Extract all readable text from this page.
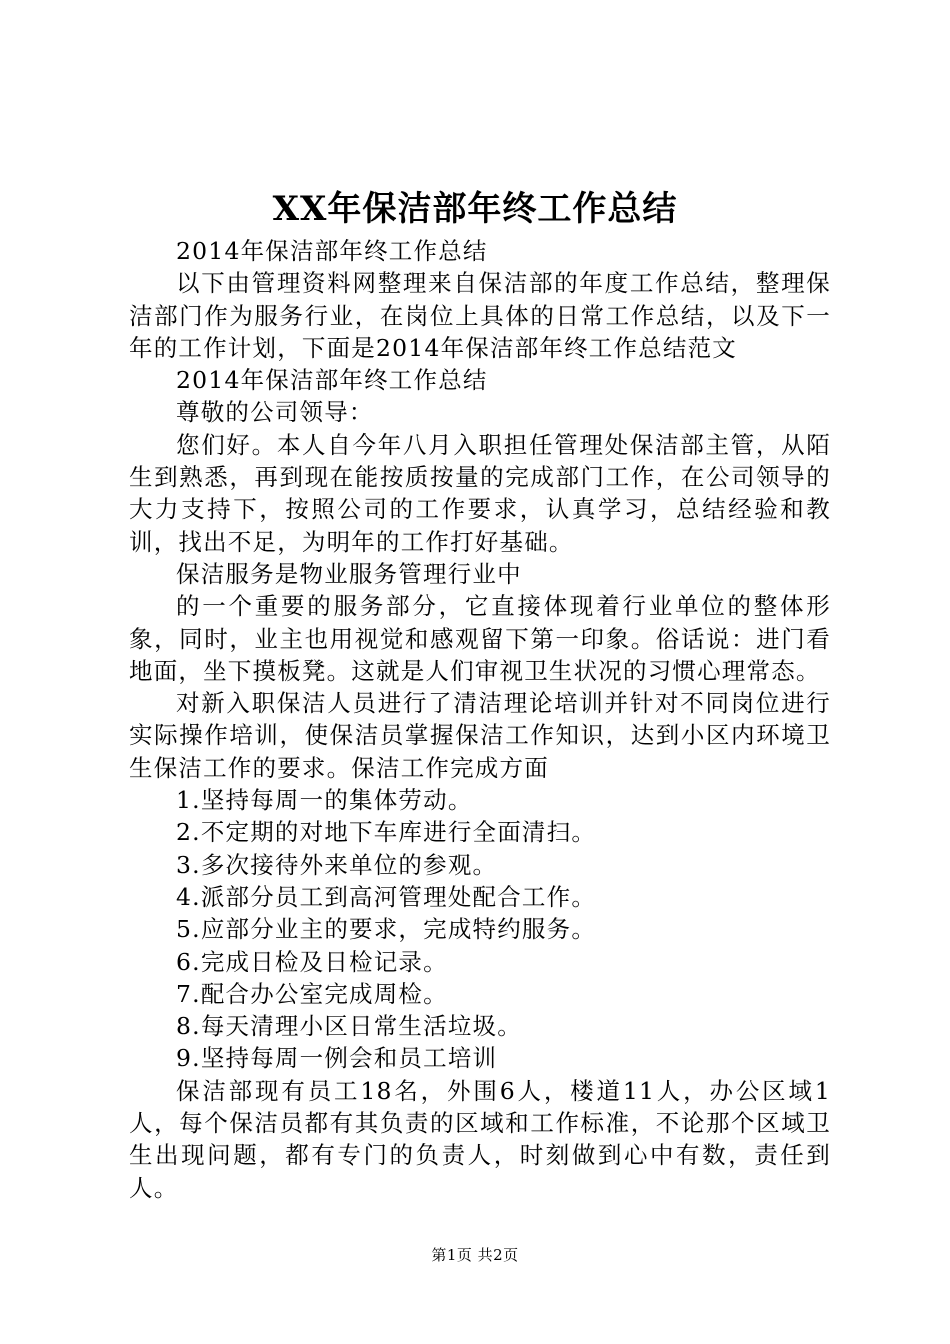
XX年保洁部年终工作总结

2014年保洁部年终工作总结

以下由管理资料网整理来自保洁部的年度工作总结，整理保洁部门作为服务行业，在岗位上具体的日常工作总结，以及下一年的工作计划，下面是2014年保洁部年终工作总结范文

2014年保洁部年终工作总结

尊敬的公司领导：

您们好。本人自今年八月入职担任管理处保洁部主管，从陌生到熟悉，再到现在能按质按量的完成部门工作，在公司领导的大力支持下，按照公司的工作要求，认真学习，总结经验和教训，找出不足，为明年的工作打好基础。

保洁服务是物业服务管理行业中

的一个重要的服务部分，它直接体现着行业单位的整体形象，同时，业主也用视觉和感观留下第一印象。俗话说：进门看地面，坐下摸板凳。这就是人们审视卫生状况的习惯心理常态。

对新入职保洁人员进行了清洁理论培训并针对不同岗位进行实际操作培训，使保洁员掌握保洁工作知识，达到小区内环境卫生保洁工作的要求。保洁工作完成方面

1.坚持每周一的集体劳动。

2.不定期的对地下车库进行全面清扫。

3.多次接待外来单位的参观。

4.派部分员工到高河管理处配合工作。

5.应部分业主的要求，完成特约服务。

6.完成日检及日检记录。

7.配合办公室完成周检。

8.每天清理小区日常生活垃圾。

9.坚持每周一例会和员工培训

保洁部现有员工18名，外围6人，楼道11人，办公区域1人，每个保洁员都有其负责的区域和工作标准，不论那个区域卫生出现问题，都有专门的负责人，时刻做到心中有数，责任到人。

第1页 共2页
